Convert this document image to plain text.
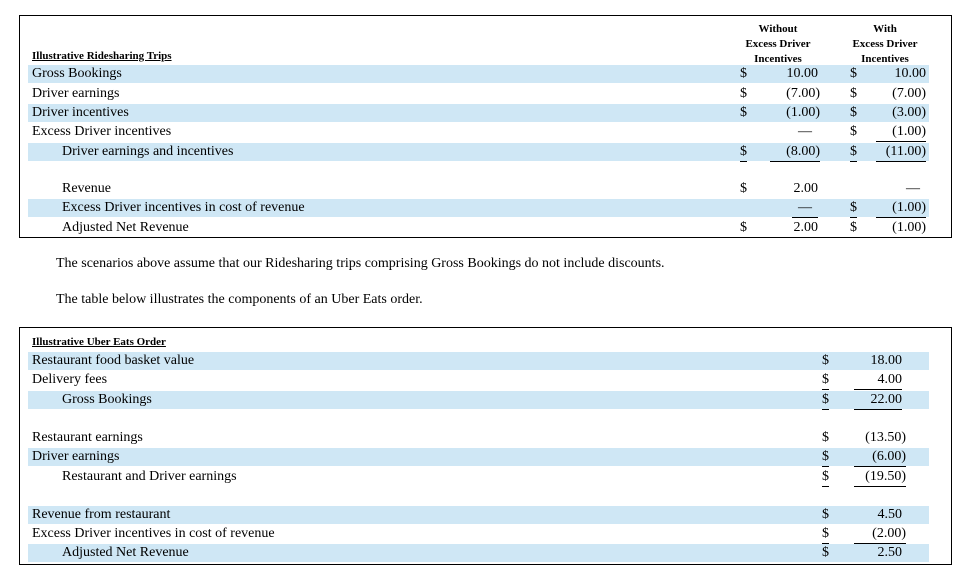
Without
Excess Driver
Incentives
With
Excess Driver
Incentives
Illustrative Ridesharing Trips
Gross Bookings	$	10.00 $	10.00
Driver earnings	$	(7.00) $	(7.00)
Driver incentives	$	(1.00) $	(3.00)
Excess Driver incentives	—	$	(1.00)
Driver earnings and incentives	$	(8.00) $	(11.00)
Revenue	$	2.00	—
Excess Driver incentives in cost of revenue	—	$	(1.00)
Adjusted Net Revenue	$	2.00 $	(1.00)
The scenarios above assume that our Ridesharing trips comprising Gross Bookings do not include discounts.
The table below illustrates the components of an Uber Eats order.
Illustrative Uber Eats Order
Restaurant food basket value	$	18.00
Delivery fees	$	4.00
Gross Bookings	$	22.00
Restaurant earnings	$	(13.50)
Driver earnings	$	(6.00)
Restaurant and Driver earnings	$	(19.50)
Revenue from restaurant	$	4.50
Excess Driver incentives in cost of revenue	$	(2.00)
Adjusted Net Revenue	$	2.50
